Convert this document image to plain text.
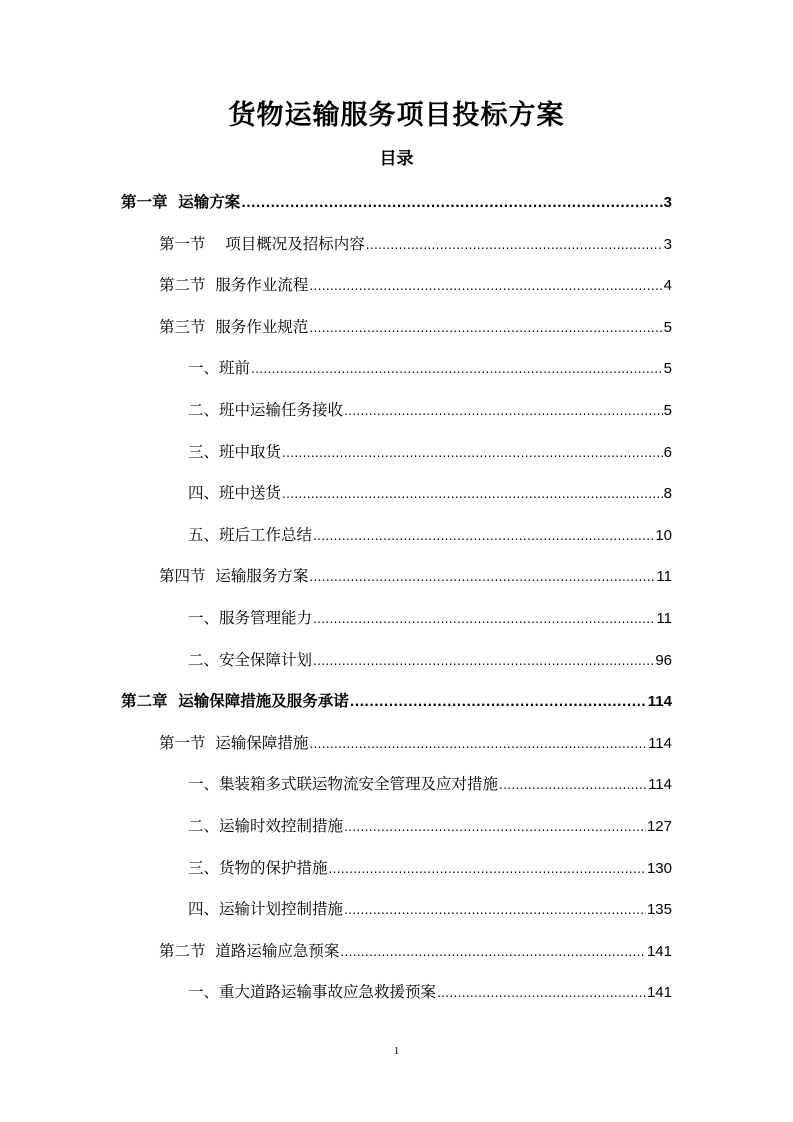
货物运输服务项目投标方案
目录
第一章  运输方案 .....	3
第一节    项目概况及招标内容 .....	3
第二节  服务作业流程 .....	4
第三节  服务作业规范 .....	5
一、班前 .....	5
二、班中运输任务接收 .....	5
三、班中取货 .....	6
四、班中送货 .....	8
五、班后工作总结 .....	10
第四节  运输服务方案 .....	11
一、服务管理能力 .....	11
二、安全保障计划 .....	96
第二章  运输保障措施及服务承诺 .....	114
第一节  运输保障措施 .....	114
一、集装箱多式联运物流安全管理及应对措施 .....	114
二、运输时效控制措施 .....	127
三、货物的保护措施 .....	130
四、运输计划控制措施 .....	135
第二节  道路运输应急预案 .....	141
一、重大道路运输事故应急救援预案 .....	141
1
